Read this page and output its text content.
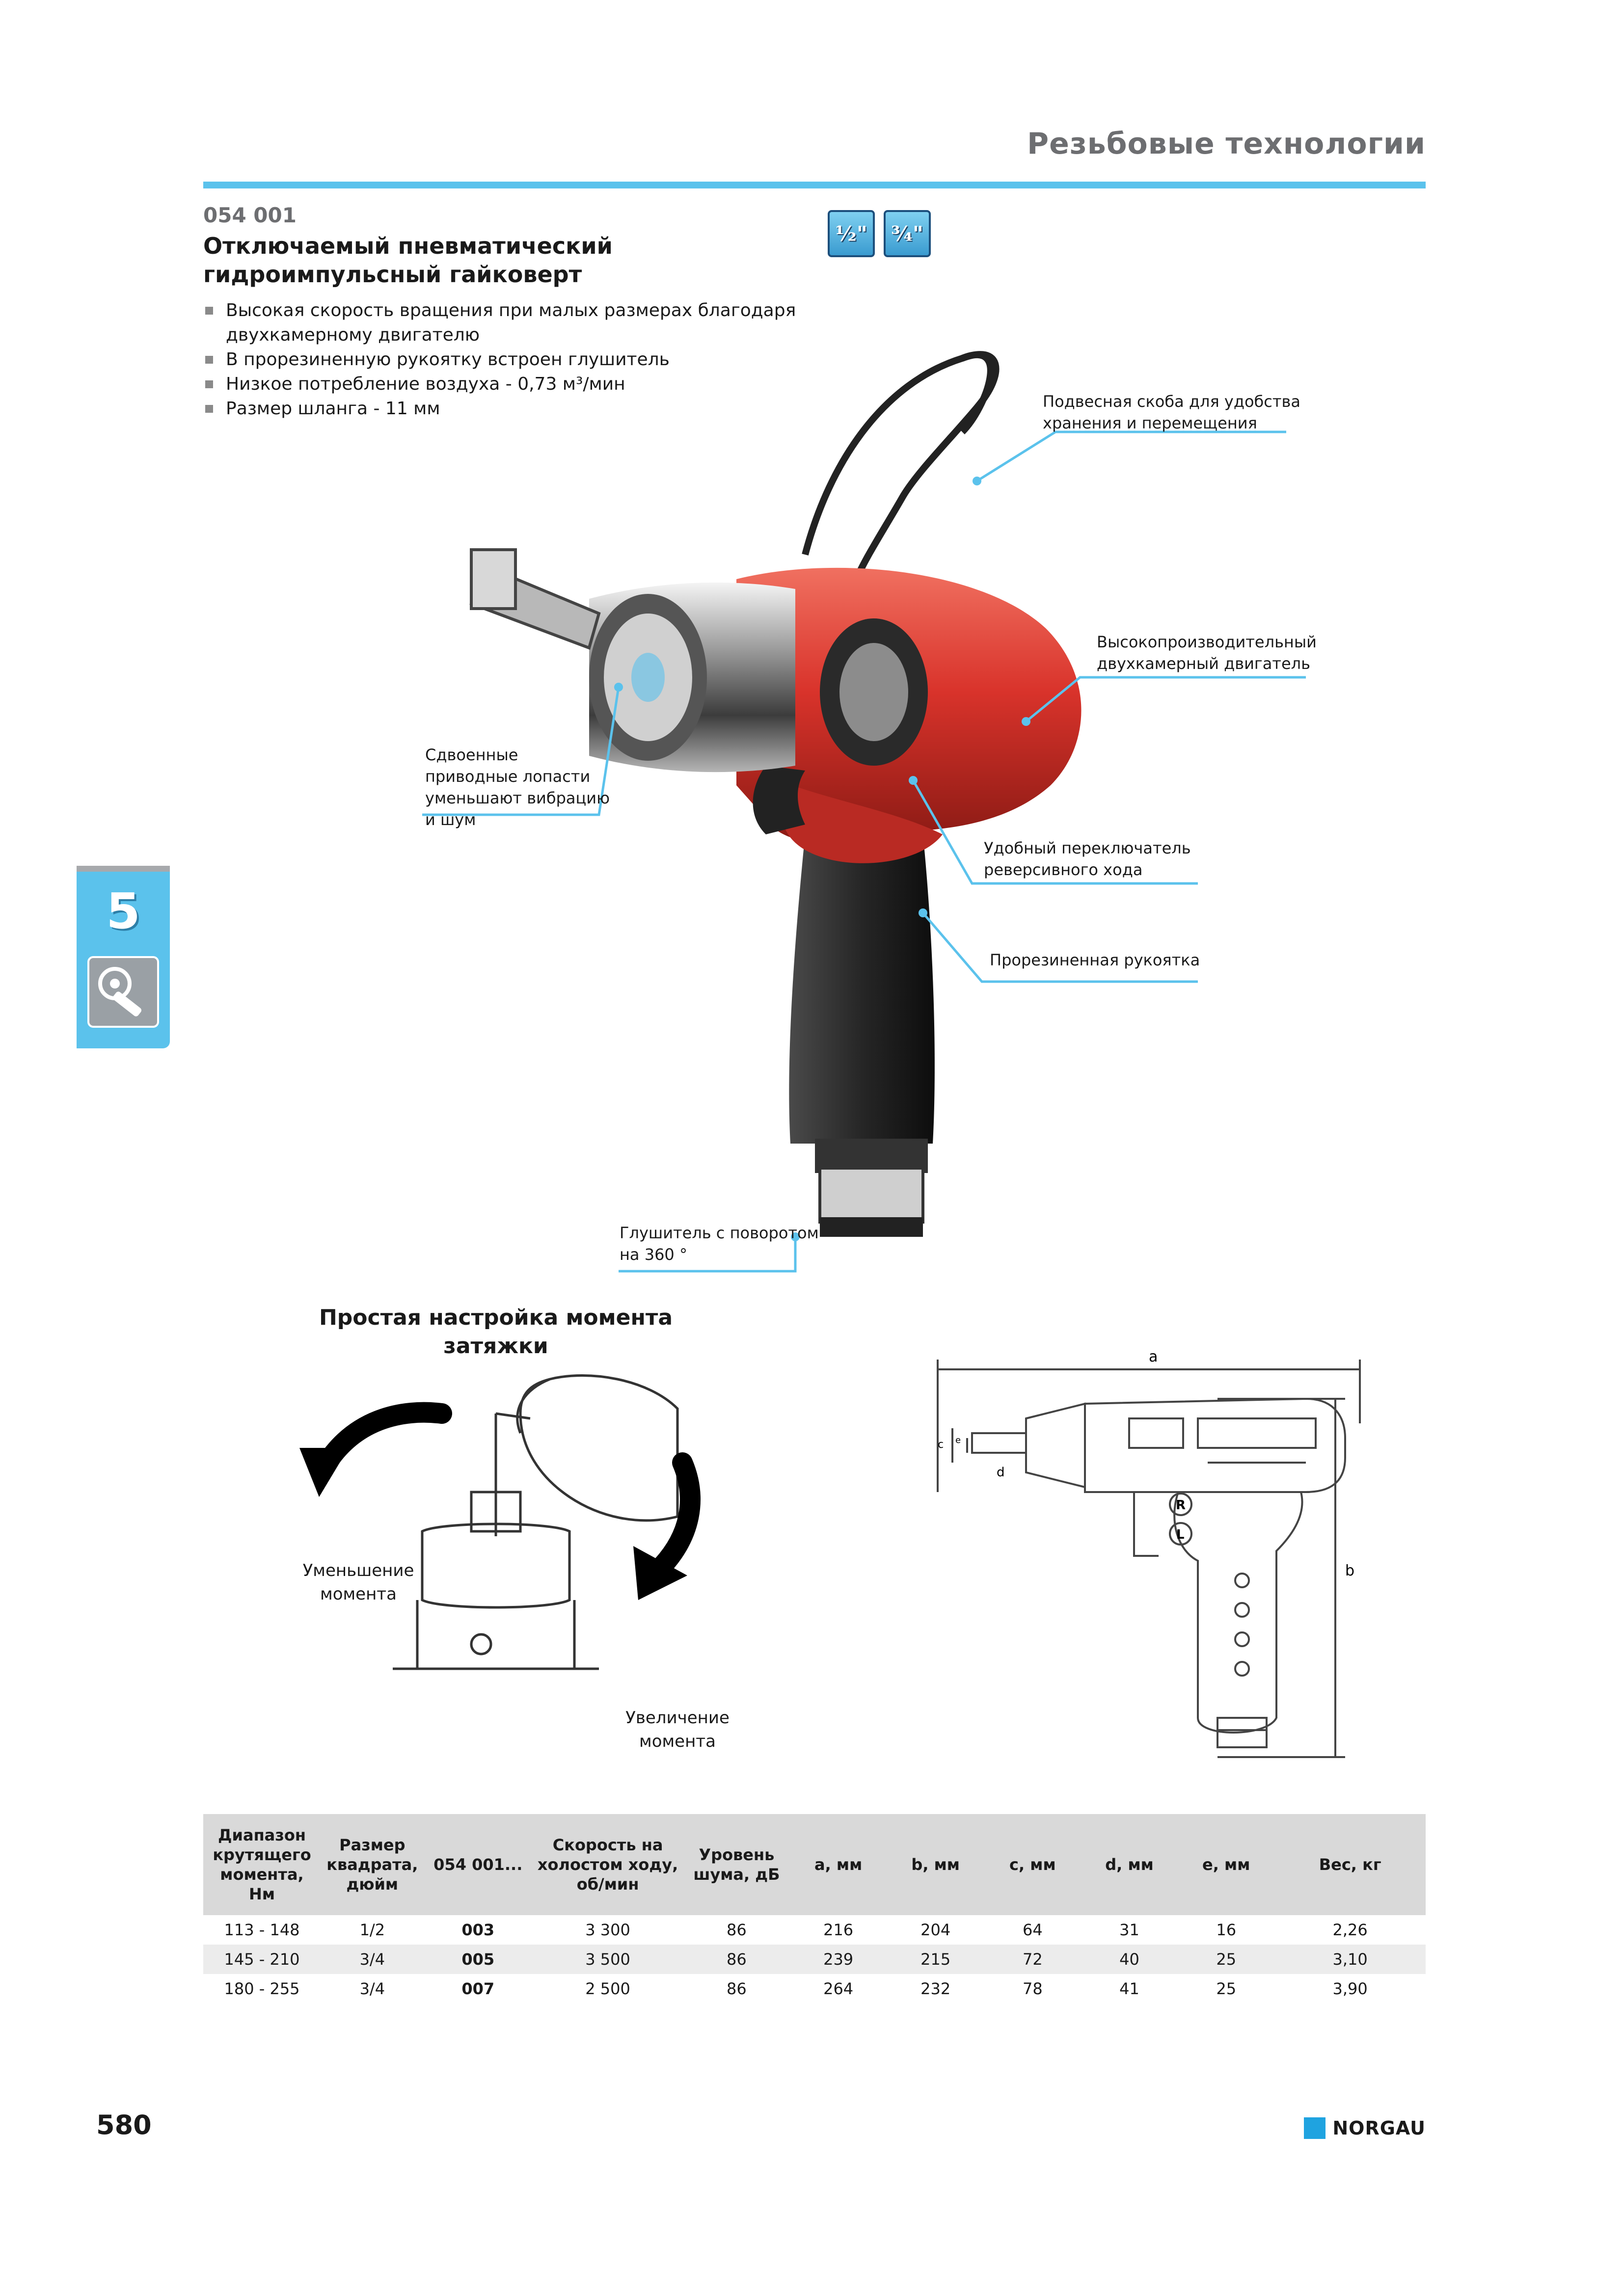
Резьбовые технологии
054 001
Отключаемый пневматический
гидроимпульсный гайковерт
Высокая скорость вращения при малых размерах благодаря двухкамерному двигателю
В прорезиненную рукоятку встроен глушитель
Низкое потребление воздуха - 0,73 м³/мин
Размер шланга - 11 мм
½"	¾"
5
Подвесная скоба для удобства хранения и перемещения
Высокопроизводительный двухкамерный двигатель
Сдвоенные приводные лопасти уменьшают вибрацию и шум
Удобный переключатель реверсивного хода
Прорезиненная рукоятка
Глушитель с поворотом на 360 °
Простая настройка момента затяжки
Уменьшение момента
Увеличение момента
a
b
c e
d
R
L
Диапазон крутящего момента, Нм	Размер квадрата, дюйм	054 001...	Скорость на холостом ходу, об/мин	Уровень шума, дБ	a, мм	b, мм	c, мм	d, мм	e, мм	Вес, кг
113 - 148	1/2	003	3 300	86	216	204	64	31	16	2,26
145 - 210	3/4	005	3 500	86	239	215	72	40	25	3,10
180 - 255	3/4	007	2 500	86	264	232	78	41	25	3,90
580	NORGAU
